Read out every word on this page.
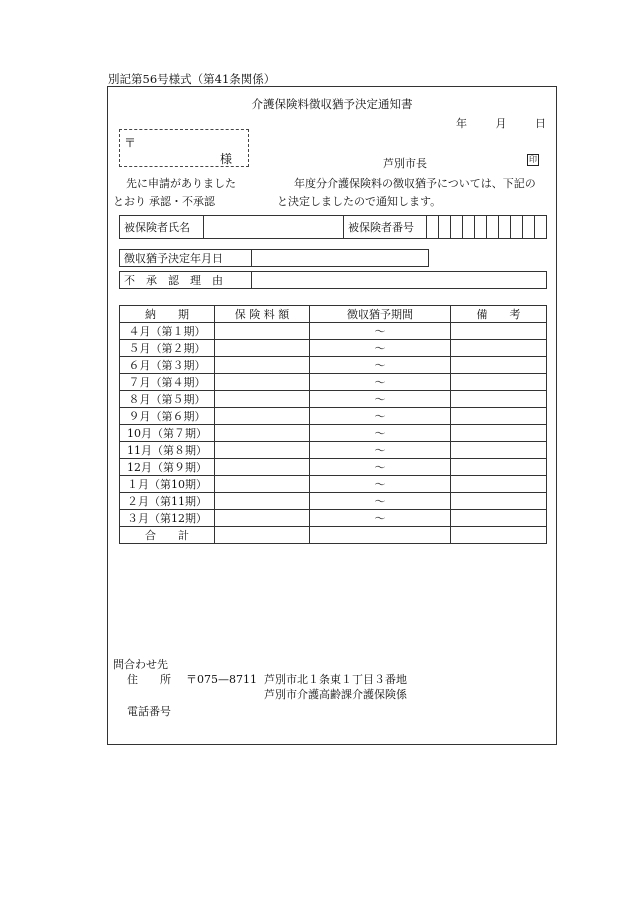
別記第56号様式（第41条関係）
介護保険料徴収猶予決定通知書
年	月	日
〒
様	芦別市長	印
先に申請がありました	年度分介護保険料の徴収猶予については、下記の
とおり 承認・不承認	と決定しましたので通知します。
被保険者氏名		被保険者番号	
徴収猶予決定年月日	
不　承　認　理　由	
納　　期	保 険 料 額	徴収猶予期間	備　　考
４月（第１期）		～	
５月（第２期）		～	
６月（第３期）		～	
７月（第４期）		～	
８月（第５期）		～	
９月（第６期）		～	
10月（第７期）		～	
11月（第８期）		～	
12月（第９期）		～	
１月（第10期）		～	
２月（第11期）		～	
３月（第12期）		～	
合　　計			
問合わせ先
住　　所 〒075—8711 芦別市北１条東１丁目３番地
芦別市介護高齢課介護保険係
電話番号
